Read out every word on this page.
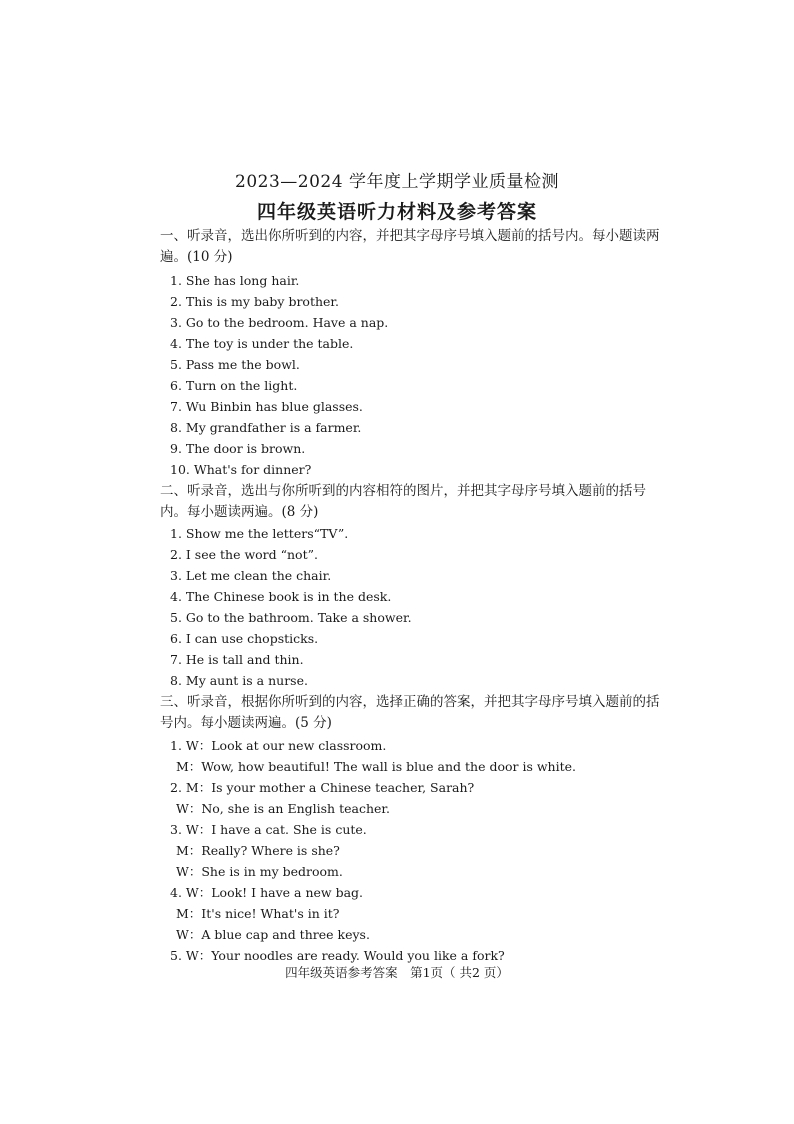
2023—2024 学年度上学期学业质量检测
四年级英语听力材料及参考答案
一、听录音，选出你所听到的内容，并把其字母序号填入题前的括号内。每小题读两遍。(10 分)
1. She has long hair.
2. This is my baby brother.
3. Go to the bedroom. Have a nap.
4. The toy is under the table.
5. Pass me the bowl.
6. Turn on the light.
7. Wu Binbin has blue glasses.
8. My grandfather is a farmer.
9. The door is brown.
10. What's for dinner?
二、听录音，选出与你所听到的内容相符的图片，并把其字母序号填入题前的括号内。每小题读两遍。(8 分)
1. Show me the letters“TV”.
2. I see the word “not”.
3. Let me clean the chair.
4. The Chinese book is in the desk.
5. Go to the bathroom. Take a shower.
6. I can use chopsticks.
7. He is tall and thin.
8. My aunt is a nurse.
三、听录音，根据你所听到的内容，选择正确的答案，并把其字母序号填入题前的括号内。每小题读两遍。(5 分)
1. W：Look at our new classroom.
M：Wow, how beautiful! The wall is blue and the door is white.
2. M：Is your mother a Chinese teacher, Sarah?
W：No, she is an English teacher.
3. W：I have a cat. She is cute.
M：Really? Where is she?
W：She is in my bedroom.
4. W：Look! I have a new bag.
M：It's nice! What's in it?
W：A blue cap and three keys.
5. W：Your noodles are ready. Would you like a fork?
四年级英语参考答案　第1页（ 共2 页）
